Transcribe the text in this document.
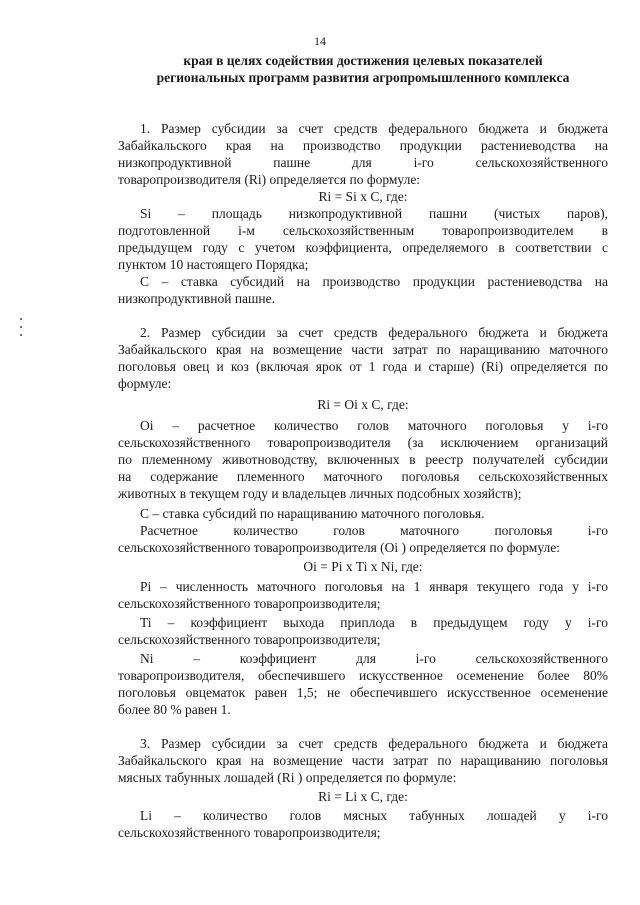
14
края в целях содействия достижения целевых показателей
региональных программ развития агропромышленного комплекса
1. Размер субсидии за счет средств федерального бюджета и бюджета
Забайкальского края на производство продукции растениеводства на
низкопродуктивной пашне для i-го сельскохозяйственного
товаропроизводителя (Ri) определяется по формуле:
Ri = Si x C, где:
Si – площадь низкопродуктивной пашни (чистых паров),
подготовленной i-м сельскохозяйственным товаропроизводителем в
предыдущем году с учетом коэффициента, определяемого в соответствии с
пунктом 10 настоящего Порядка;
C – ставка субсидий на производство продукции растениеводства на
низкопродуктивной пашне.
2. Размер субсидии за счет средств федерального бюджета и бюджета
Забайкальского края на возмещение части затрат по наращиванию маточного
поголовья овец и коз (включая ярок от 1 года и старше) (Ri) определяется по
формуле:
Ri = Oi x C, где:
Oi – расчетное количество голов маточного поголовья у i-го
сельскохозяйственного товаропроизводителя (за исключением организаций
по племенному животноводству, включенных в реестр получателей субсидии
на содержание племенного маточного поголовья сельскохозяйственных
животных в текущем году и владельцев личных подсобных хозяйств);
C – ставка субсидий по наращиванию маточного поголовья.
Расчетное количество голов маточного поголовья i-го
сельскохозяйственного товаропроизводителя (Oi ) определяется по формуле:
Oi = Pi x Ti x Ni, где:
Pi – численность маточного поголовья на 1 января текущего года у i-го
сельскохозяйственного товаропроизводителя;
Ti – коэффициент выхода приплода в предыдущем году у i-го
сельскохозяйственного товаропроизводителя;
Ni – коэффициент для i-го сельскохозяйственного
товаропроизводителя, обеспечившего искусственное осеменение более 80%
поголовья овцематок равен 1,5; не обеспечившего искусственное осеменение
более 80 % равен 1.
3. Размер субсидии за счет средств федерального бюджета и бюджета
Забайкальского края на возмещение части затрат по наращиванию поголовья
мясных табунных лошадей (Ri ) определяется по формуле:
Ri = Li x C, где:
Li – количество голов мясных табунных лошадей у i-го
сельскохозяйственного товаропроизводителя;
